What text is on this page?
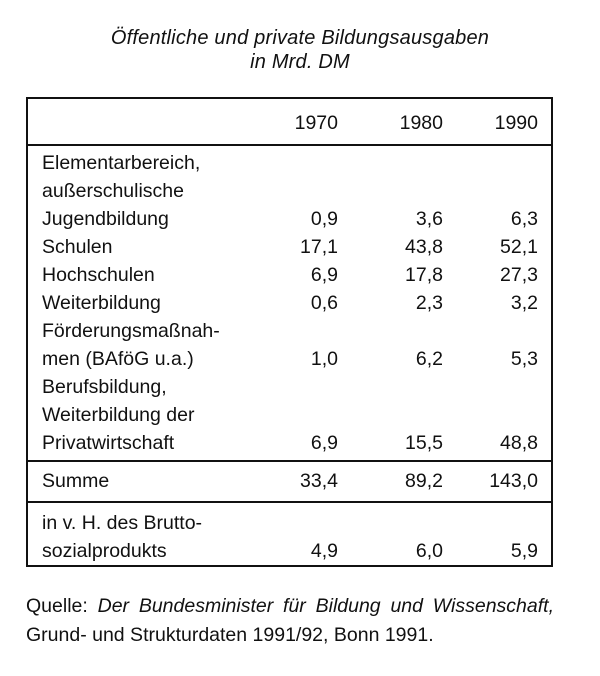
Öffentliche und private Bildungsausgaben
in Mrd. DM
1970	1980	1990
Elementarbereich,
außerschulische
Jugendbildung	0,9	3,6	6,3
Schulen	17,1	43,8	52,1
Hochschulen	6,9	17,8	27,3
Weiterbildung	0,6	2,3	3,2
Förderungsmaßnah-
men (BAföG u.a.)	1,0	6,2	5,3
Berufsbildung,
Weiterbildung der
Privatwirtschaft	6,9	15,5	48,8
Summe	33,4	89,2	143,0
in v. H. des Brutto-
sozialprodukts	4,9	6,0	5,9
Quelle: Der Bundesminister für Bildung und Wissenschaft, Grund- und Strukturdaten 1991/92, Bonn 1991.
